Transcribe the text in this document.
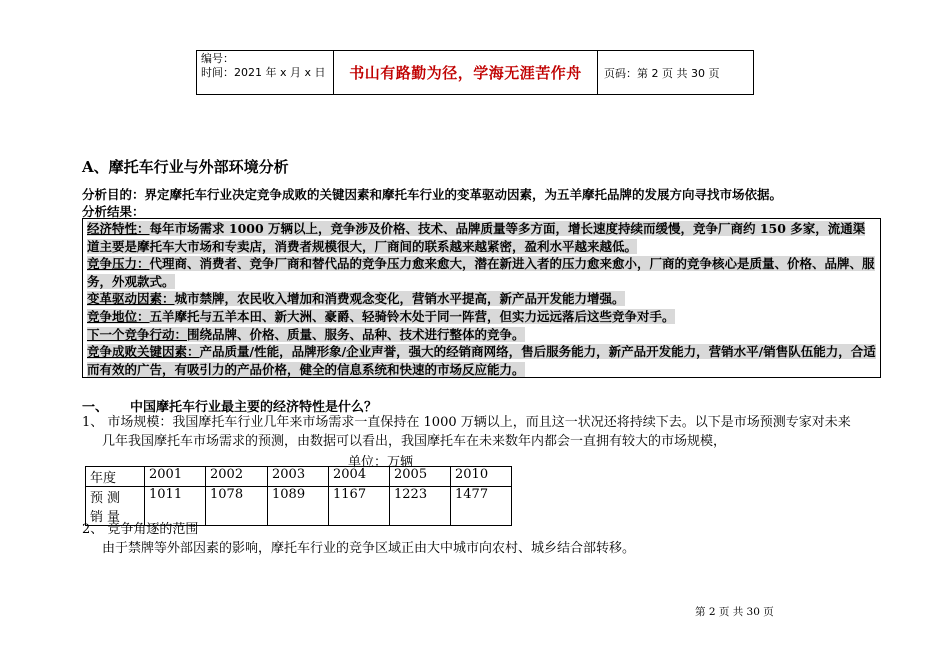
编号：
时间：2021 年 x 月 x 日	书山有路勤为径，学海无涯苦作舟	页码：第 2 页 共 30 页
A、摩托车行业与外部环境分析
分析目的：界定摩托车行业决定竞争成败的关键因素和摩托车行业的变革驱动因素，为五羊摩托品牌的发展方向寻找市场依据。
分析结果：

经济特性：每年市场需求 1000 万辆以上，竞争涉及价格、技术、品牌质量等多方面，增长速度持续而缓慢，竞争厂商约 150 多家，流通渠道主要是摩托车大市场和专卖店，消费者规模很大，厂商间的联系越来越紧密，盈利水平越来越低。

竞争压力：代理商、消费者、竞争厂商和替代品的竞争压力愈来愈大，潜在新进入者的压力愈来愈小，厂商的竞争核心是质量、价格、品牌、服务，外观款式。

变革驱动因素：城市禁牌，农民收入增加和消费观念变化，营销水平提高，新产品开发能力增强。

竞争地位：五羊摩托与五羊本田、新大洲、豪爵、轻骑铃木处于同一阵营，但实力远远落后这些竞争对手。

下一个竞争行动：围绕品牌、价格、质量、服务、品种、技术进行整体的竞争。

竞争成败关键因素：产品质量/性能，品牌形象/企业声誉，强大的经销商网络，售后服务能力，新产品开发能力，营销水平/销售队伍能力，合适而有效的广告，有吸引力的产品价格，健全的信息系统和快速的市场反应能力。

一、 中国摩托车行业最主要的经济特性是什么？
1、 市场规模：我国摩托车行业几年来市场需求一直保持在 1000 万辆以上，而且这一状况还将持续下去。以下是市场预测专家对未来
几年我国摩托车市场需求的预测，由数据可以看出，我国摩托车在未来数年内都会一直拥有较大的市场规模，
单位：万辆
年度	2001	2002	2003	2004	2005	2010
预测销量	1011	1078	1089	1167	1223	1477
2、 竞争角逐的范围
由于禁牌等外部因素的影响，摩托车行业的竞争区域正由大中城市向农村、城乡结合部转移。
第 2 页 共 30 页
